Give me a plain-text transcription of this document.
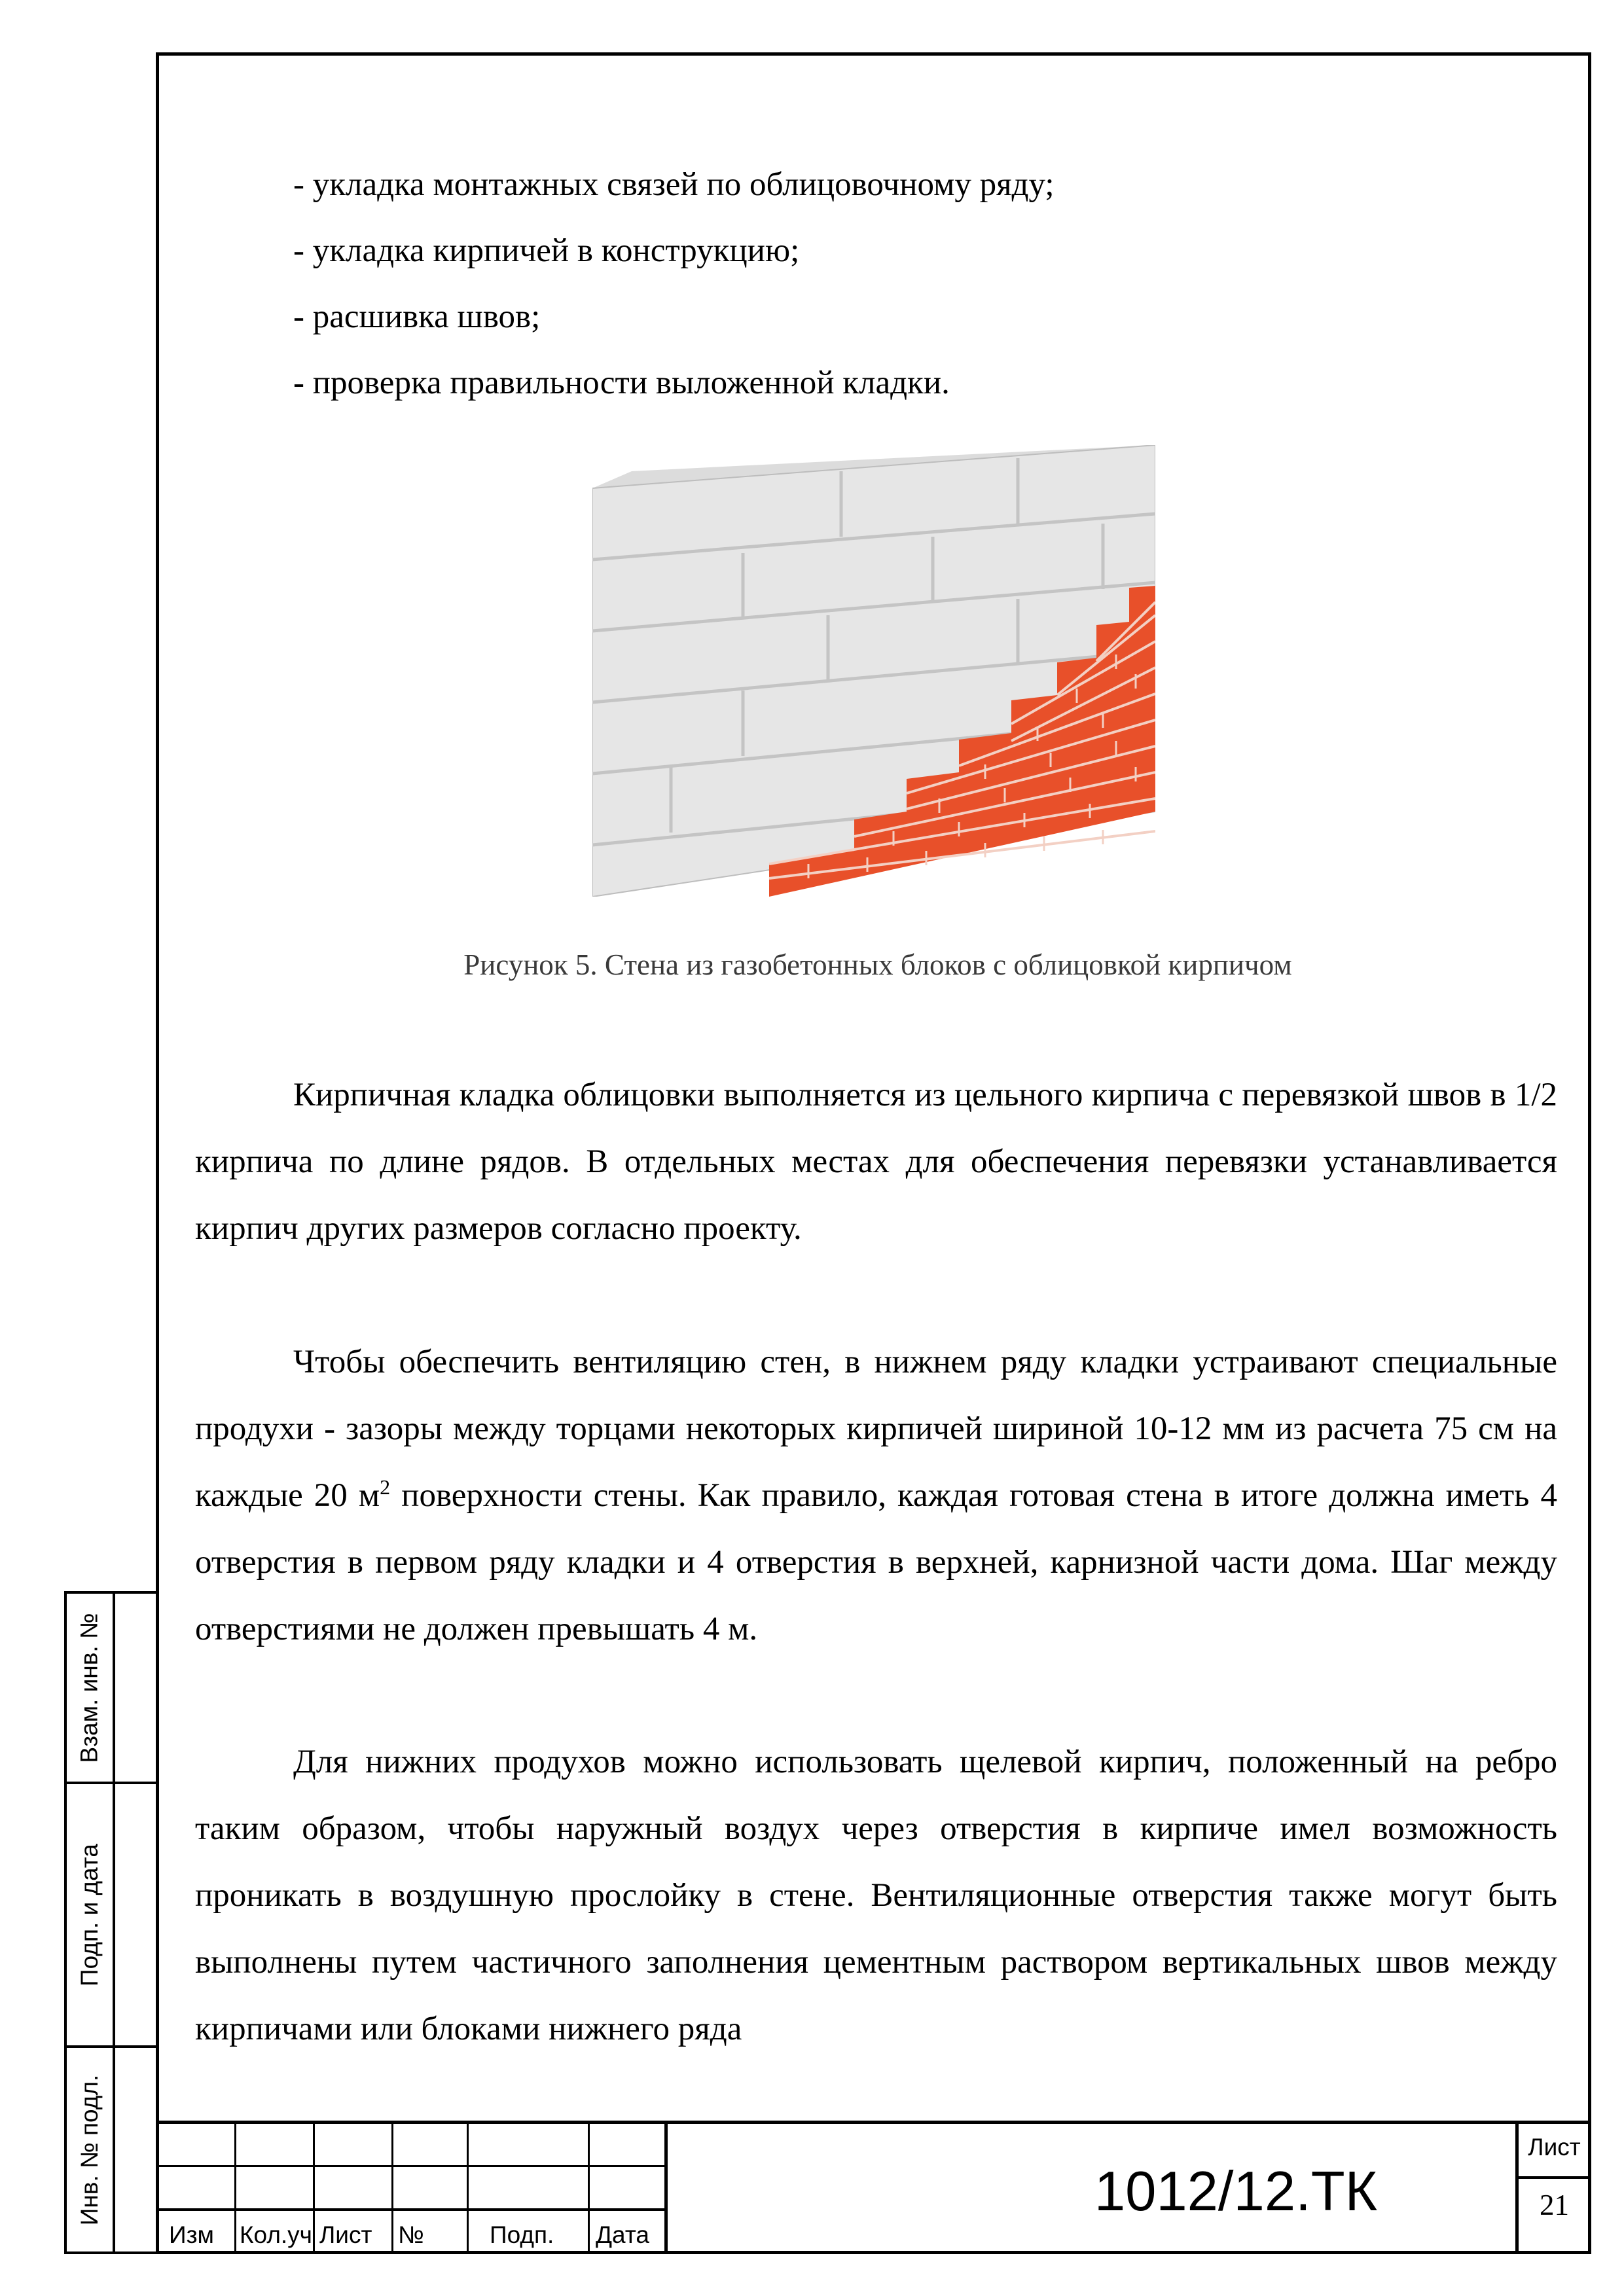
- укладка монтажных связей по облицовочному ряду;
- укладка кирпичей в конструкцию;
- расшивка швов;
- проверка правильности выложенной кладки.
Рисунок 5. Стена из газобетонных блоков с облицовкой кирпичом

Кирпичная кладка облицовки выполняется из цельного кирпича с перевязкой швов в 1/2 кирпича по длине рядов. В отдельных местах для обеспечения перевязки устанавливается кирпич других размеров согласно проекту.

Чтобы обеспечить вентиляцию стен, в нижнем ряду кладки устраивают специальные продухи - зазоры между торцами некоторых кирпичей шириной 10-12 мм из расчета 75 см на каждые 20 $м^2$ поверхности стены. Как правило, каждая готовая стена в итоге должна иметь 4 отверстия в первом ряду кладки и 4 отверстия в верхней, карнизной части дома. Шаг между отверстиями не должен превышать 4 м.

Для нижних продухов можно использовать щелевой кирпич, положенный на ребро таким образом, чтобы наружный воздух через отверстия в кирпиче имел возможность проникать в воздушную прослойку в стене. Вентиляционные отверстия также могут быть выполнены путем частичного заполнения цементным раствором вертикальных швов между кирпичами или блоками нижнего ряда

Взам. инв. №
Подп. и дата
Инв. № подл.
Изм Кол.уч Лист №	Подп. Дата
1012/12.ТК
Лист
21
